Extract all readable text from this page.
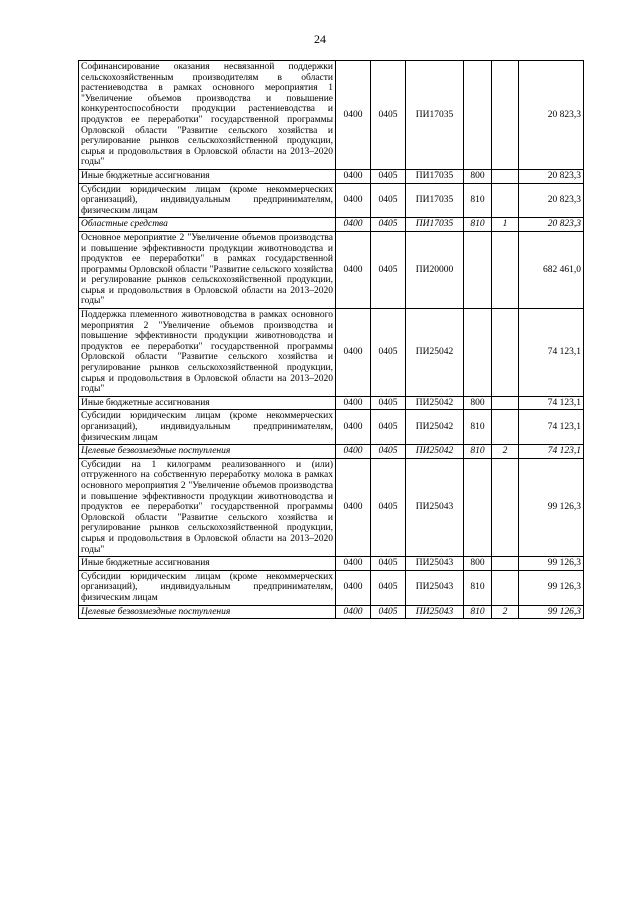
24
Софинансирование оказания несвязанной поддержки сельскохозяйственным производителям в области растениеводства в рамках основного мероприятия 1 "Увеличение объемов производства и повышение конкурентоспособности продукции растениеводства и продуктов ее переработки" государственной программы Орловской области "Развитие сельского хозяйства и регулирование рынков сельскохозяйственной продукции, сырья и продовольствия в Орловской области на 2013–2020 годы"	0400	0405	ПИ17035			20 823,3
Иные бюджетные ассигнования	0400	0405	ПИ17035	800		20 823,3
Субсидии юридическим лицам (кроме некоммерческих организаций), индивидуальным предпринимателям, физическим лицам	0400	0405	ПИ17035	810		20 823,3
Областные средства	0400	0405	ПИ17035	810	1	20 823,3
Основное мероприятие 2 "Увеличение объемов производства и повышение эффективности продукции животноводства и продуктов ее переработки" в рамках государственной программы Орловской области "Развитие сельского хозяйства и регулирование рынков сельскохозяйственной продукции, сырья и продовольствия в Орловской области на 2013–2020 годы"	0400	0405	ПИ20000			682 461,0
Поддержка племенного животноводства в рамках основного мероприятия 2 "Увеличение объемов производства и повышение эффективности продукции животноводства и продуктов ее переработки" государственной программы Орловской области "Развитие сельского хозяйства и регулирование рынков сельскохозяйственной продукции, сырья и продовольствия в Орловской области на 2013–2020 годы"	0400	0405	ПИ25042			74 123,1
Иные бюджетные ассигнования	0400	0405	ПИ25042	800		74 123,1
Субсидии юридическим лицам (кроме некоммерческих организаций), индивидуальным предпринимателям, физическим лицам	0400	0405	ПИ25042	810		74 123,1
Целевые безвозмездные поступления	0400	0405	ПИ25042	810	2	74 123,1
Субсидии на 1 килограмм реализованного и (или) отгруженного на собственную переработку молока в рамках основного мероприятия 2 "Увеличение объемов производства и повышение эффективности продукции животноводства и продуктов ее переработки" государственной программы Орловской области "Развитие сельского хозяйства и регулирование рынков сельскохозяйственной продукции, сырья и продовольствия в Орловской области на 2013–2020 годы"	0400	0405	ПИ25043			99 126,3
Иные бюджетные ассигнования	0400	0405	ПИ25043	800		99 126,3
Субсидии юридическим лицам (кроме некоммерческих организаций), индивидуальным предпринимателям, физическим лицам	0400	0405	ПИ25043	810		99 126,3
Целевые безвозмездные поступления	0400	0405	ПИ25043	810	2	99 126,3
